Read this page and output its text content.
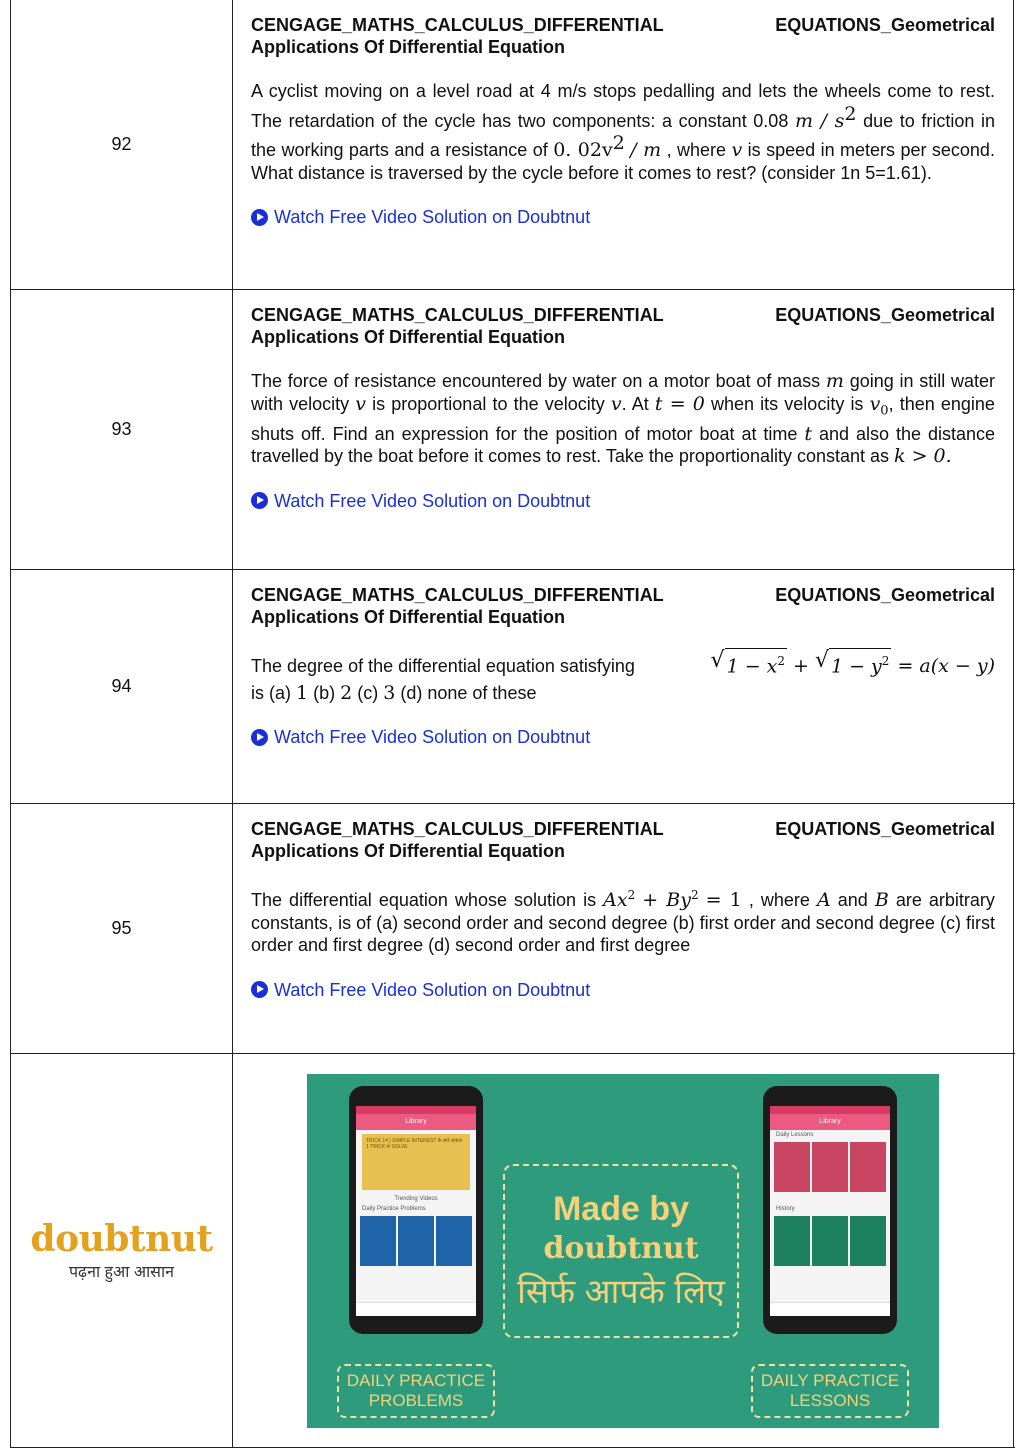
92
CENGAGE_MATHS_CALCULUS_DIFFERENTIAL	EQUATIONS_Geometrical
Applications Of Differential Equation
A cyclist moving on a level road at 4 m/s stops pedalling and lets the wheels come to rest. The retardation of the cycle has two components: a constant 0.08 m / $s^2$ due to friction in the working parts and a resistance of 0. $02v^2$ / m , where v is speed in meters per second. What distance is traversed by the cycle before it comes to rest? (consider 1n 5=1.61).
Watch Free Video Solution on Doubtnut
93
CENGAGE_MATHS_CALCULUS_DIFFERENTIAL	EQUATIONS_Geometrical
Applications Of Differential Equation
The force of resistance encountered by water on a motor boat of mass m going in still water with velocity v is proportional to the velocity v. At t = 0 when its velocity is $v_0$, then engine shuts off. Find an expression for the position of motor boat at time t and also the distance travelled by the boat before it comes to rest. Take the proportionality constant as k > 0.
Watch Free Video Solution on Doubtnut
94
CENGAGE_MATHS_CALCULUS_DIFFERENTIAL	EQUATIONS_Geometrical
Applications Of Differential Equation
The degree of the differential equation satisfying	√ $1 - x^2$ + √ $1 - y^2 = a(x - y)$
is (a) 1 (b) 2 (c) 3 (d) none of these
Watch Free Video Solution on Doubtnut
95
CENGAGE_MATHS_CALCULUS_DIFFERENTIAL	EQUATIONS_Geometrical
Applications Of Differential Equation
The differential equation whose solution is $Ax^2 + By^2 = 1$ , where A and B are arbitrary constants, is of (a) second order and second degree (b) first order and second degree (c) first order and first degree (d) second order and first degree
Watch Free Video Solution on Doubtnut
doubtnut
पढ़ना हुआ आसान
Library
TRICK 14 | SIMPLE INTEREST के सारे सवाल 1 TRICK से SOLVE
Trending Videos
Daily Practice Problems	Made by
doubtnut
सिर्फ आपके लिए
Library
Daily Lessons
History
DAILY PRACTICE PROBLEMS
DAILY PRACTICE LESSONS
